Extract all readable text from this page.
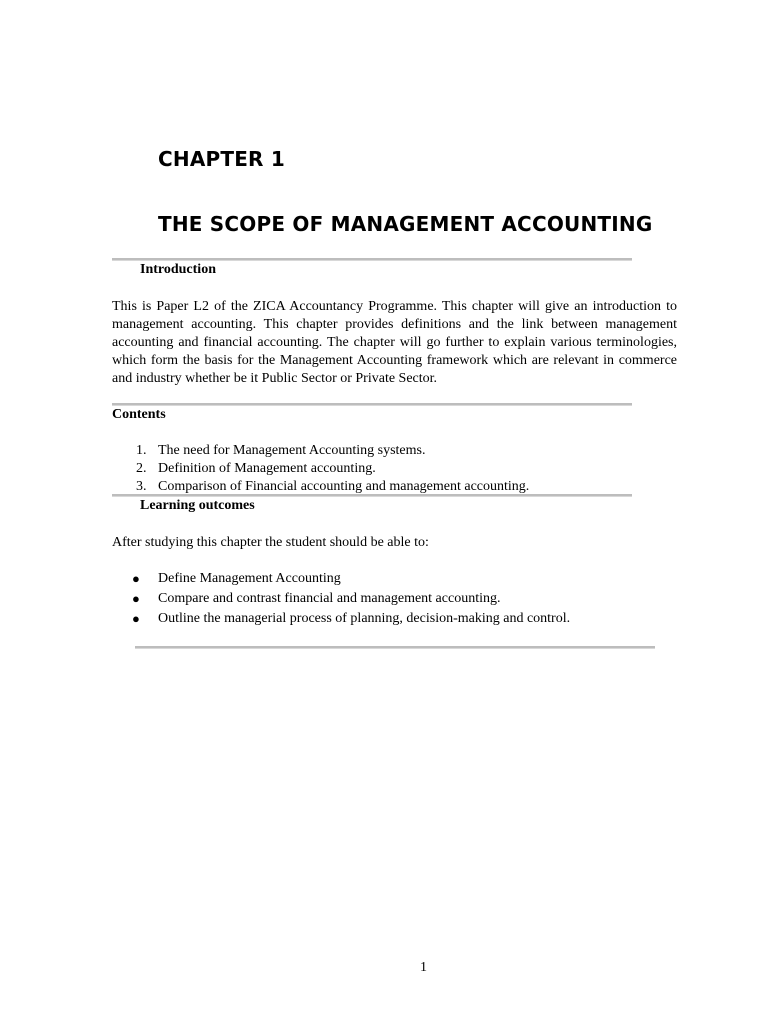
CHAPTER 1
THE SCOPE OF MANAGEMENT ACCOUNTING
Introduction

This is Paper L2 of the ZICA Accountancy Programme. This chapter will give an introduction to management accounting. This chapter provides definitions and the link between management accounting and financial accounting. The chapter will go further to explain various terminologies, which form the basis for the Management Accounting framework which are relevant in commerce and industry whether be it Public Sector or Private Sector.

Contents
1. The need for Management Accounting systems.
2. Definition of Management accounting.
3. Comparison of Financial accounting and management accounting.
Learning outcomes

After studying this chapter the student should be able to:

● Define Management Accounting
● Compare and contrast financial and management accounting.
● Outline the managerial process of planning, decision-making and control.
1
